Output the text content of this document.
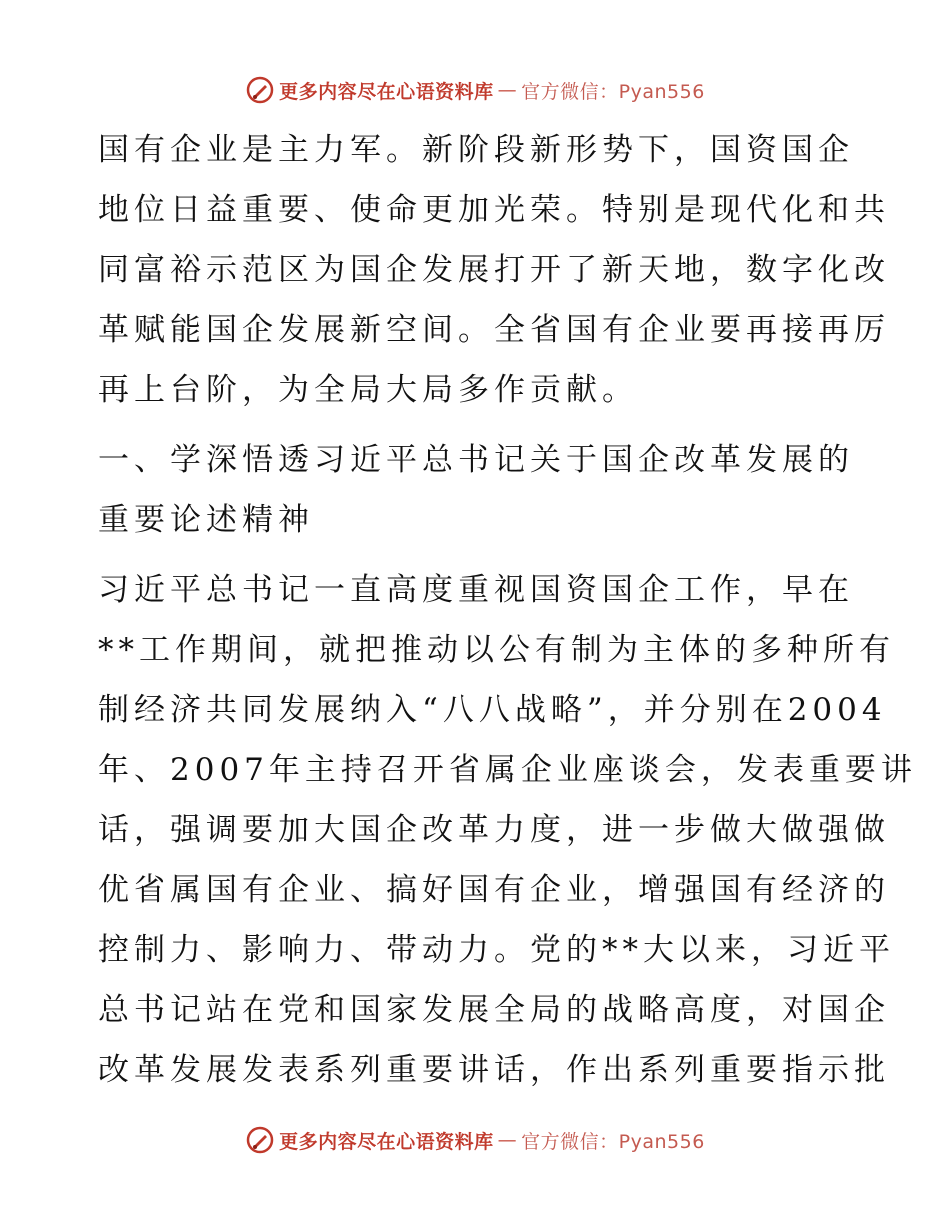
更多内容尽在心语资料库 — 官方微信：Pyan556

国有企业是主力军。新阶段新形势下，国资国企
地位日益重要、使命更加光荣。特别是现代化和共
同富裕示范区为国企发展打开了新天地，数字化改
革赋能国企发展新空间。全省国有企业要再接再厉
再上台阶，为全局大局多作贡献。

一、学深悟透习近平总书记关于国企改革发展的
重要论述精神

习近平总书记一直高度重视国资国企工作，早在
**工作期间，就把推动以公有制为主体的多种所有
制经济共同发展纳入“八八战略”，并分别在2004
年、2007年主持召开省属企业座谈会，发表重要讲
话，强调要加大国企改革力度，进一步做大做强做
优省属国有企业、搞好国有企业，增强国有经济的
控制力、影响力、带动力。党的**大以来，习近平
总书记站在党和国家发展全局的战略高度，对国企
改革发展发表系列重要讲话，作出系列重要指示批

更多内容尽在心语资料库 — 官方微信：Pyan556
